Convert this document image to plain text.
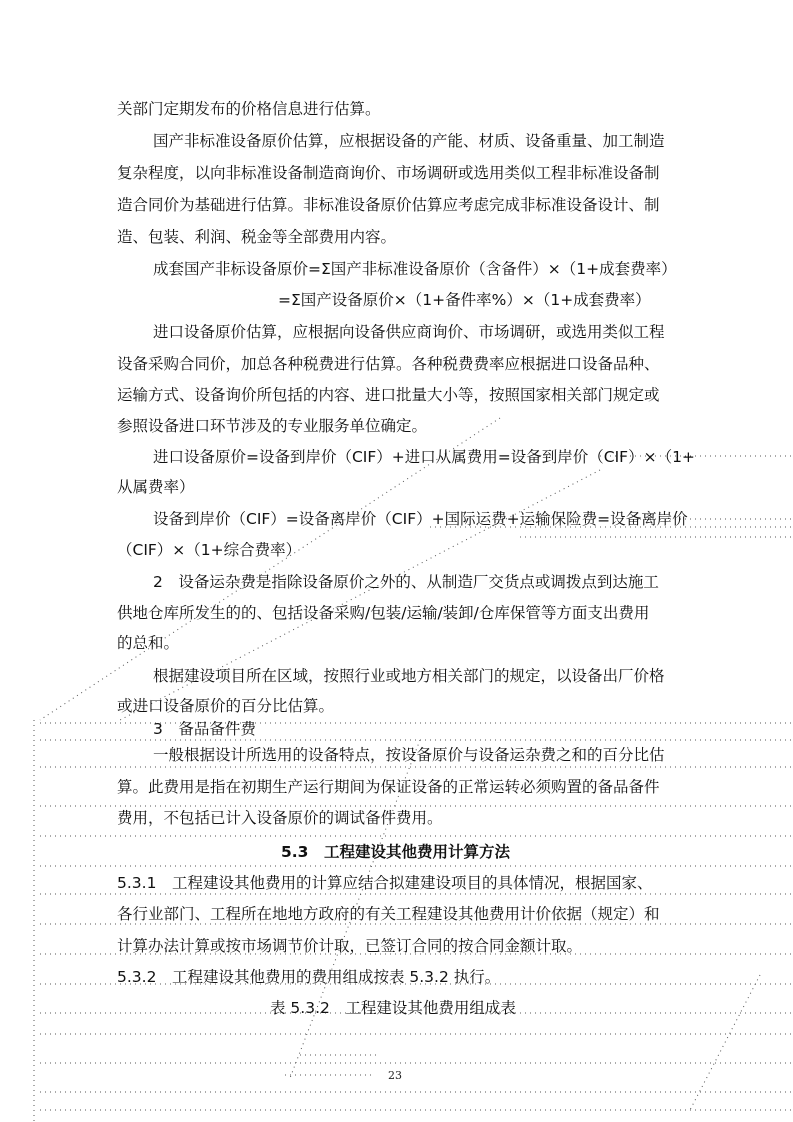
关部门定期发布的价格信息进行估算。
国产非标准设备原价估算，应根据设备的产能、材质、设备重量、加工制造
复杂程度，以向非标准设备制造商询价、市场调研或选用类似工程非标准设备制
造合同价为基础进行估算。非标准设备原价估算应考虑完成非标准设备设计、制
造、包装、利润、税金等全部费用内容。
成套国产非标设备原价=Σ国产非标准设备原价（含备件）×（1+成套费率）
=Σ国产设备原价×（1+备件率%）×（1+成套费率）
进口设备原价估算，应根据向设备供应商询价、市场调研，或选用类似工程
设备采购合同价，加总各种税费进行估算。各种税费费率应根据进口设备品种、
运输方式、设备询价所包括的内容、进口批量大小等，按照国家相关部门规定或
参照设备进口环节涉及的专业服务单位确定。
进口设备原价=设备到岸价（CIF）+进口从属费用=设备到岸价（CIF）×（1+
从属费率）
设备到岸价（CIF）=设备离岸价（CIF）+国际运费+运输保险费=设备离岸价
（CIF）×（1+综合费率）
2　设备运杂费是指除设备原价之外的、从制造厂交货点或调拨点到达施工
供地仓库所发生的的、包括设备采购/包装/运输/装卸/仓库保管等方面支出费用
的总和。
根据建设项目所在区域，按照行业或地方相关部门的规定，以设备出厂价格
或进口设备原价的百分比估算。
3　备品备件费
一般根据设计所选用的设备特点，按设备原价与设备运杂费之和的百分比估
算。此费用是指在初期生产运行期间为保证设备的正常运转必须购置的备品备件
费用，不包括已计入设备原价的调试备件费用。
5.3　工程建设其他费用计算方法
5.3.1　工程建设其他费用的计算应结合拟建建设项目的具体情况，根据国家、
各行业部门、工程所在地地方政府的有关工程建设其他费用计价依据（规定）和
计算办法计算或按市场调节价计取，已签订合同的按合同金额计取。
5.3.2　工程建设其他费用的费用组成按表 5.3.2 执行。
表 5.3.2　工程建设其他费用组成表
23
